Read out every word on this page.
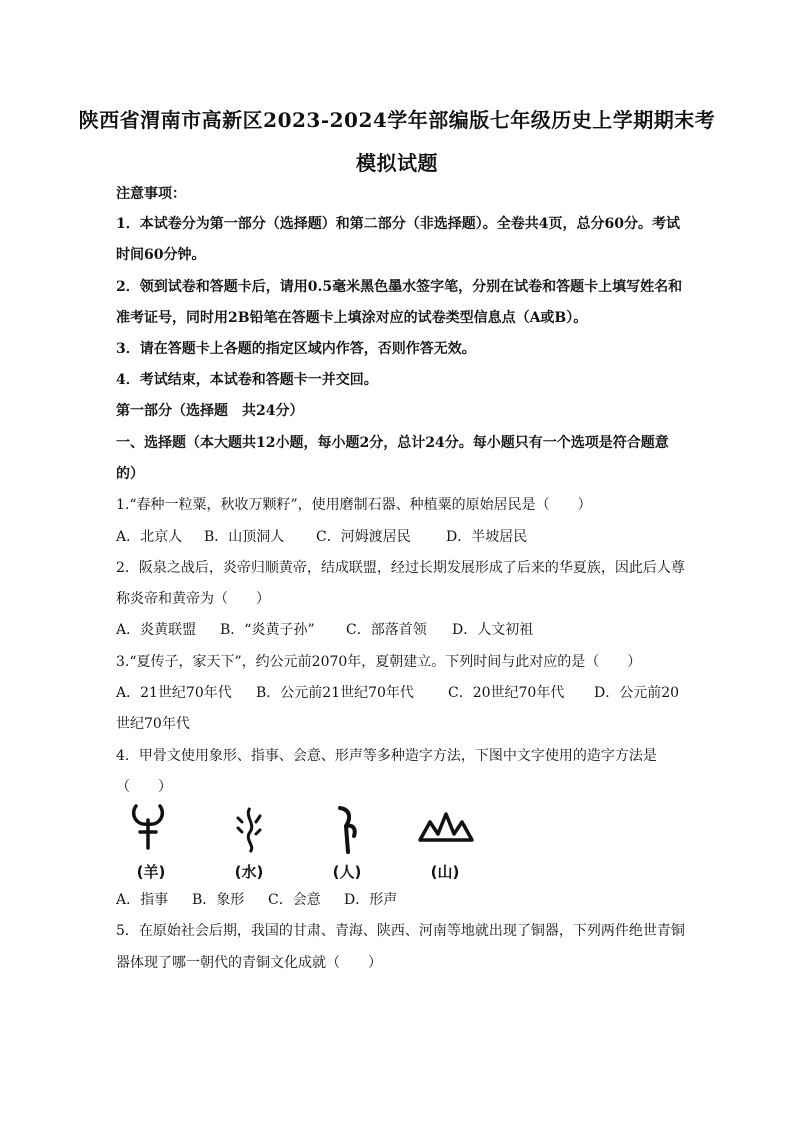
陕西省渭南市高新区2023-2024学年部编版七年级历史上学期期末考
模拟试题
注意事项：
1．本试卷分为第一部分（选择题）和第二部分（非选择题）。全卷共4页，总分60分。考试
时间60分钟。
2．领到试卷和答题卡后，请用0.5毫米黑色墨水签字笔，分别在试卷和答题卡上填写姓名和
准考证号，同时用2B铅笔在答题卡上填涂对应的试卷类型信息点（A或B）。
3．请在答题卡上各题的指定区域内作答，否则作答无效。
4．考试结束，本试卷和答题卡一并交回。
第一部分（选择题　共24分）
一、选择题（本大题共12小题，每小题2分，总计24分。每小题只有一个选项是符合题意
的）
1.“春种一粒粟，秋收万颗籽”，使用磨制石器、种植粟的原始居民是（　　）
A．北京人 B．山顶洞人 C．河姆渡居民	D．半坡居民
2．阪泉之战后，炎帝归顺黄帝，结成联盟，经过长期发展形成了后来的华夏族，因此后人尊
称炎帝和黄帝为（　　）
A．炎黄联盟 B．“炎黄子孙” C．部落首领 D．人文初祖
3.“夏传子，家天下”，约公元前2070年，夏朝建立。下列时间与此对应的是（　　）
A．21世纪70年代 B．公元前21世纪70年代 C．20世纪70年代 D．公元前20
世纪70年代
4．甲骨文使用象形、指事、会意、形声等多种造字方法，下图中文字使用的造字方法是
（　　）
(羊)	(水)	(人)	(山)
A．指事 B．象形 C．会意 D．形声
5．在原始社会后期，我国的甘肃、青海、陕西、河南等地就出现了铜器，下列两件绝世青铜
器体现了哪一朝代的青铜文化成就（　　）
